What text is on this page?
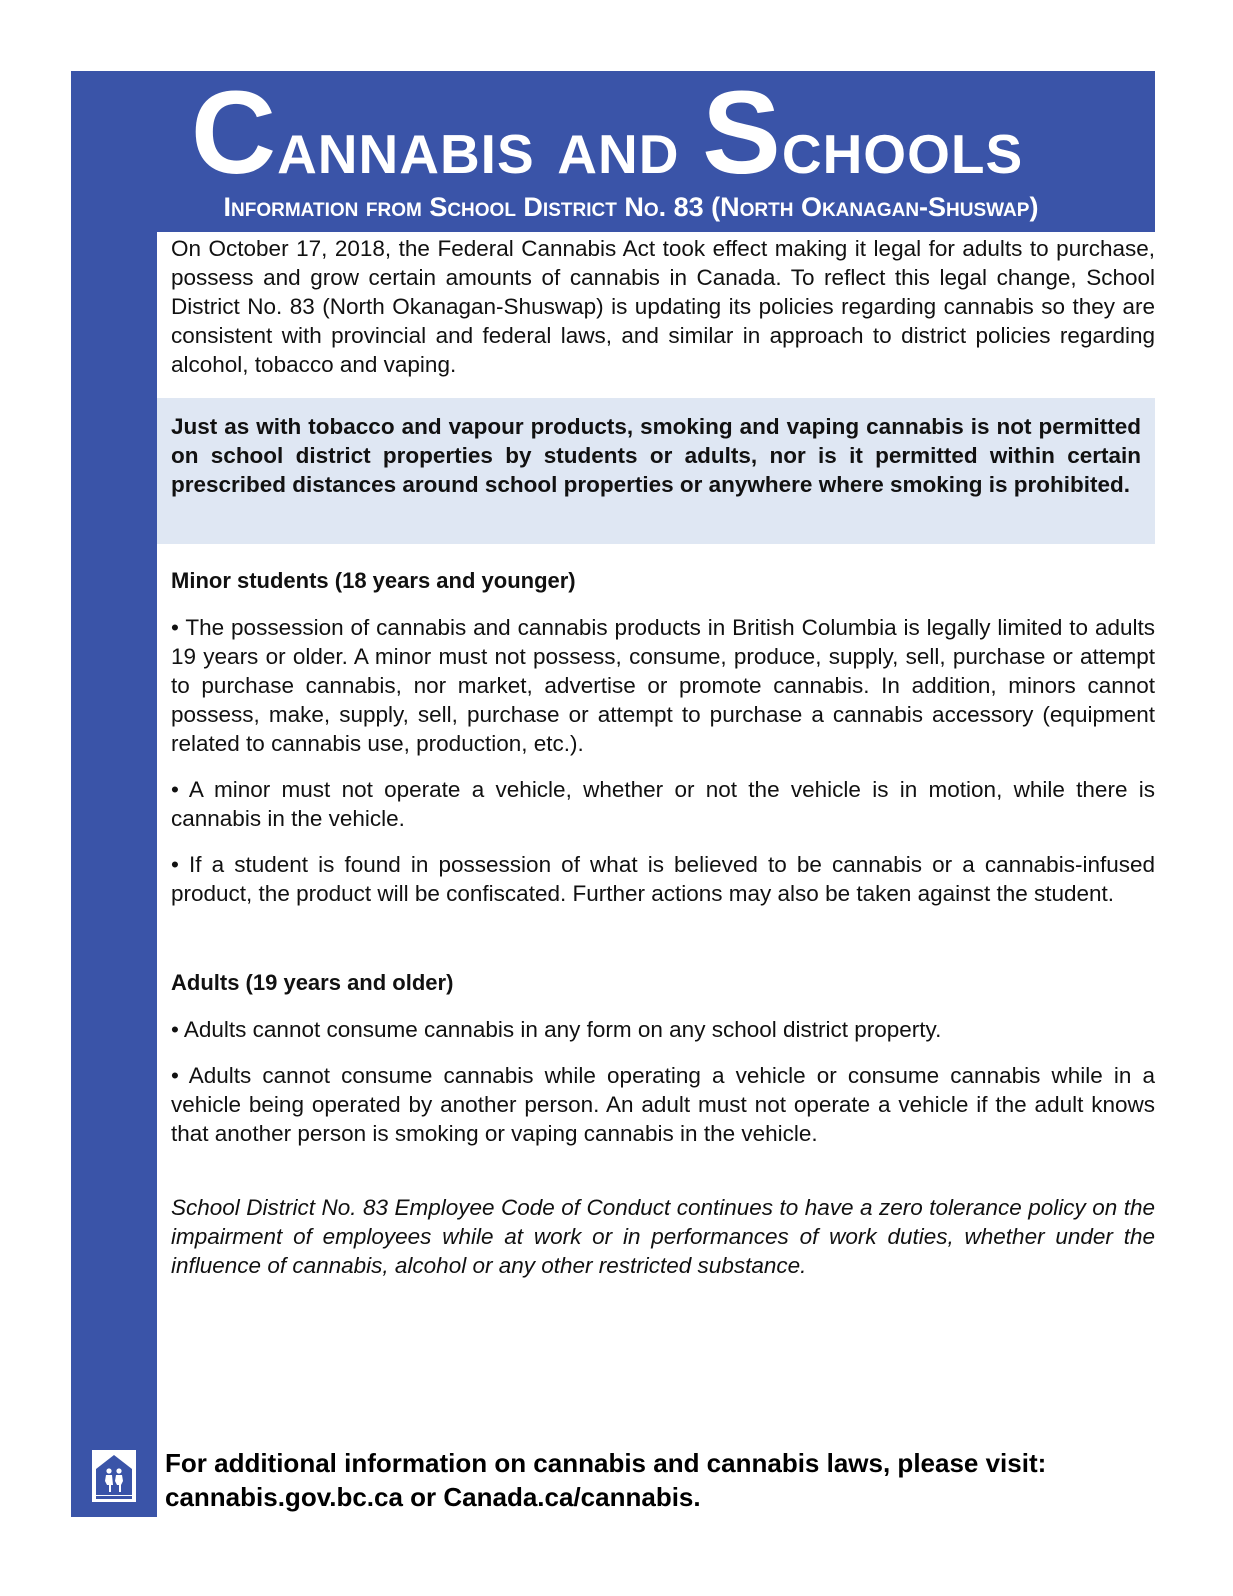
Cannabis and Schools
Information from School District No. 83 (North Okanagan-Shuswap)

On October 17, 2018, the Federal Cannabis Act took effect making it legal for adults to purchase, possess and grow certain amounts of cannabis in Canada. To reflect this legal change, School District No. 83 (North Okanagan-Shuswap) is updating its policies regarding cannabis so they are consistent with provincial and federal laws, and similar in approach to district policies regarding alcohol, tobacco and vaping.

Just as with tobacco and vapour products, smoking and vaping cannabis is not permitted on school district properties by students or adults, nor is it permitted within certain prescribed distances around school properties or anywhere where smoking is prohibited.

Minor students (18 years and younger)

• The possession of cannabis and cannabis products in British Columbia is legally limited to adults 19 years or older. A minor must not possess, consume, produce, supply, sell, purchase or attempt to purchase cannabis, nor market, advertise or promote cannabis. In addition, minors cannot possess, make, supply, sell, purchase or attempt to purchase a cannabis accessory (equipment related to cannabis use, production, etc.).

• A minor must not operate a vehicle, whether or not the vehicle is in motion, while there is cannabis in the vehicle.

• If a student is found in possession of what is believed to be cannabis or a cannabis-infused product, the product will be confiscated. Further actions may also be taken against the student.

Adults (19 years and older)

• Adults cannot consume cannabis in any form on any school district property.

• Adults cannot consume cannabis while operating a vehicle or consume cannabis while in a vehicle being operated by another person. An adult must not operate a vehicle if the adult knows that another person is smoking or vaping cannabis in the vehicle.

School District No. 83 Employee Code of Conduct continues to have a zero tolerance policy on the impairment of employees while at work or in performances of work duties, whether under the influence of cannabis, alcohol or any other restricted substance.

For additional information on cannabis and cannabis laws, please visit:
cannabis.gov.bc.ca or Canada.ca/cannabis.
